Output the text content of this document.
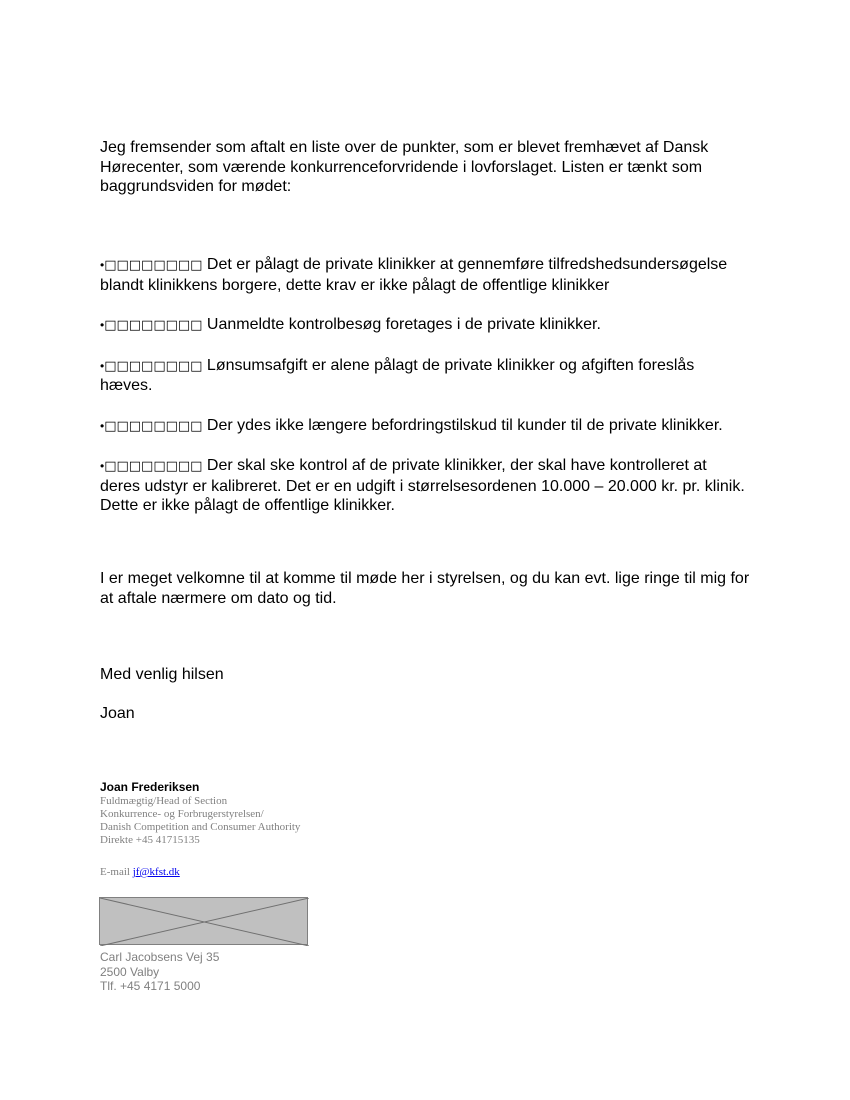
Jeg fremsender som aftalt en liste over de punkter, som er blevet fremhævet af Dansk Hørecenter, som værende konkurrenceforvridende i lovforslaget. Listen er tænkt som baggrundsviden for mødet:

•□□□□□□□□ Det er pålagt de private klinikker at gennemføre tilfredshedsundersøgelse blandt klinikkens borgere, dette krav er ikke pålagt de offentlige klinikker
•□□□□□□□□ Uanmeldte kontrolbesøg foretages i de private klinikker.
•□□□□□□□□ Lønsumsafgift er alene pålagt de private klinikker og afgiften foreslås hæves.
•□□□□□□□□ Der ydes ikke længere befordringstilskud til kunder til de private klinikker.
•□□□□□□□□ Der skal ske kontrol af de private klinikker, der skal have kontrolleret at deres udstyr er kalibreret. Det er en udgift i størrelsesordenen 10.000 – 20.000 kr. pr. klinik. Dette er ikke pålagt de offentlige klinikker.

I er meget velkomne til at komme til møde her i styrelsen, og du kan evt. lige ringe til mig for at aftale nærmere om dato og tid.

Med venlig hilsen

Joan

Joan Frederiksen
Fuldmægtig/Head of Section
Konkurrence- og Forbrugerstyrelsen/
Danish Competition and Consumer Authority
Direkte +45 41715135
E-mail jf@kfst.dk
Carl Jacobsens Vej 35
2500 Valby
Tlf. +45 4171 5000
